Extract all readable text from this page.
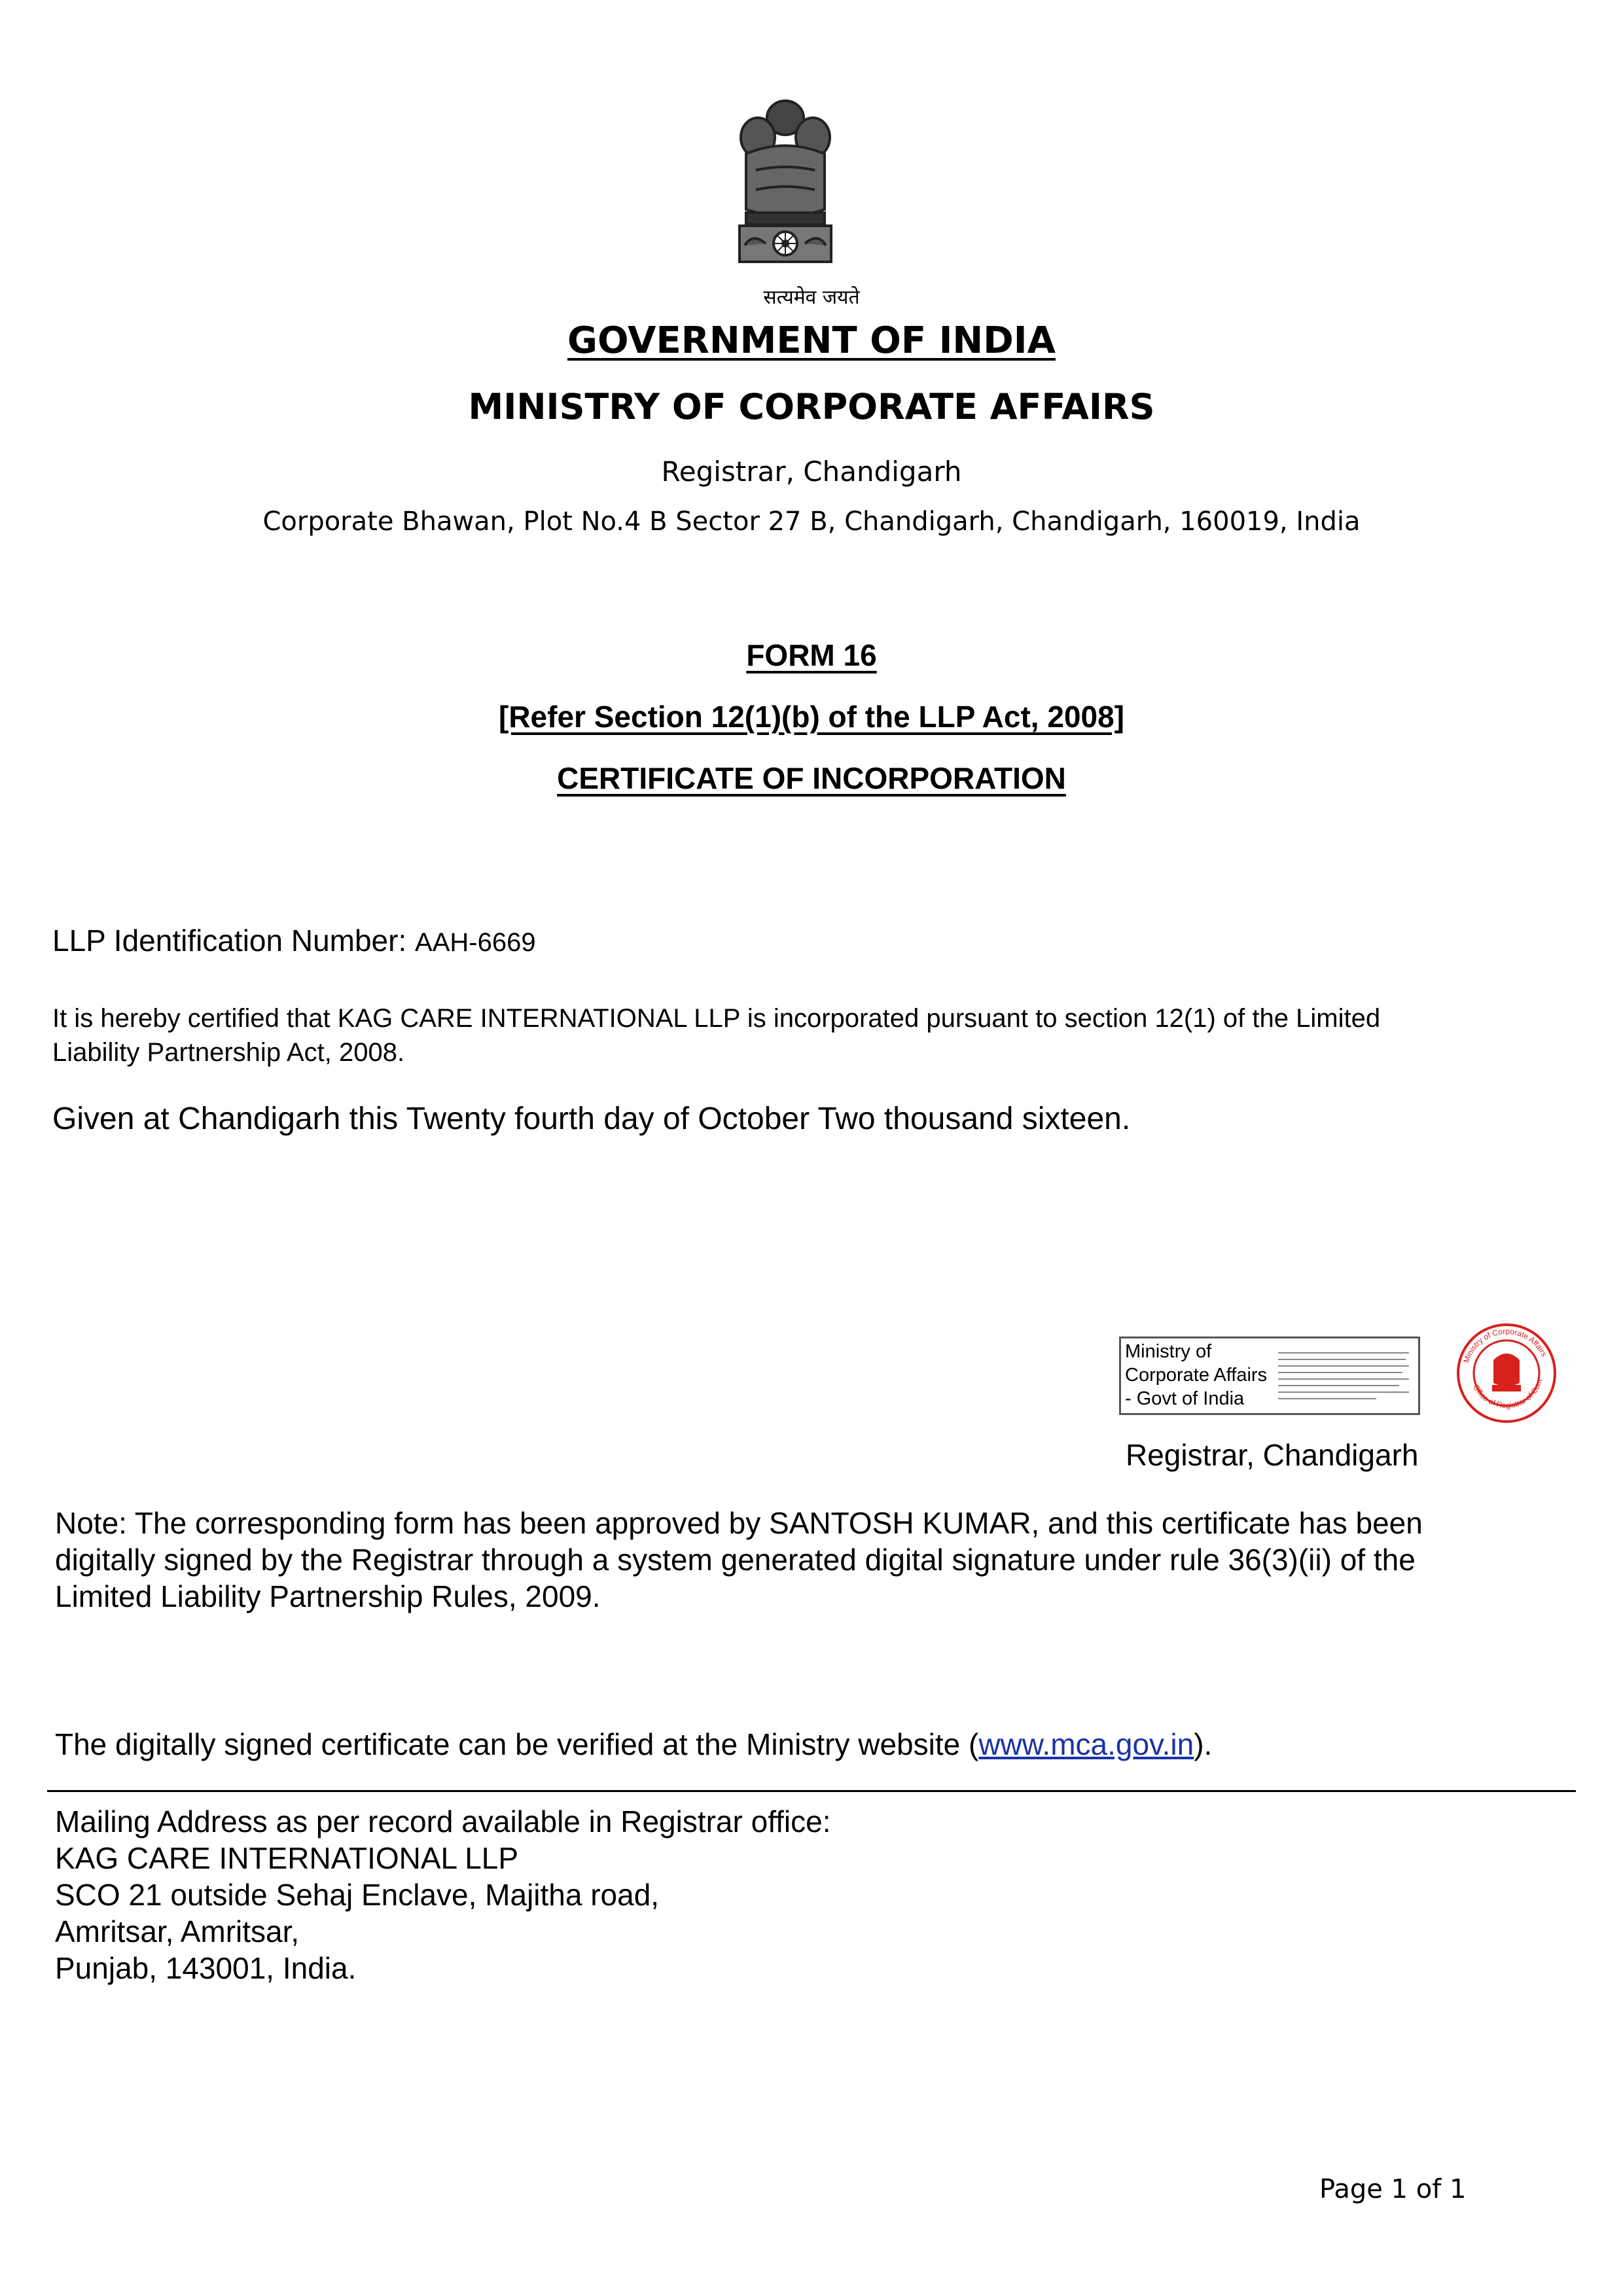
सत्यमेव जयते
GOVERNMENT OF INDIA
MINISTRY OF CORPORATE AFFAIRS
Registrar, Chandigarh
Corporate Bhawan, Plot No.4 B Sector 27 B, Chandigarh, Chandigarh, 160019, India
FORM 16
[Refer Section 12(1)(b) of the LLP Act, 2008]
CERTIFICATE OF INCORPORATION
LLP Identification Number: AAH-6669
It is hereby certified that KAG CARE INTERNATIONAL LLP is incorporated pursuant to section 12(1) of the Limited
Liability Partnership Act, 2008.
Given at Chandigarh this Twenty fourth day of October Two thousand sixteen.
Ministry of
Corporate Affairs
- Govt of India
Ministry of Corporate Affairs
Office of Registrar of Com
Registrar, Chandigarh
Note: The corresponding form has been approved by SANTOSH KUMAR, and this certificate has been
digitally signed by the Registrar through a system generated digital signature under rule 36(3)(ii) of the
Limited Liability Partnership Rules, 2009.
The digitally signed certificate can be verified at the Ministry website (www.mca.gov.in).
Mailing Address as per record available in Registrar office:
KAG CARE INTERNATIONAL LLP
SCO 21 outside Sehaj Enclave, Majitha road,
Amritsar, Amritsar,
Punjab, 143001, India.
Page 1 of 1
